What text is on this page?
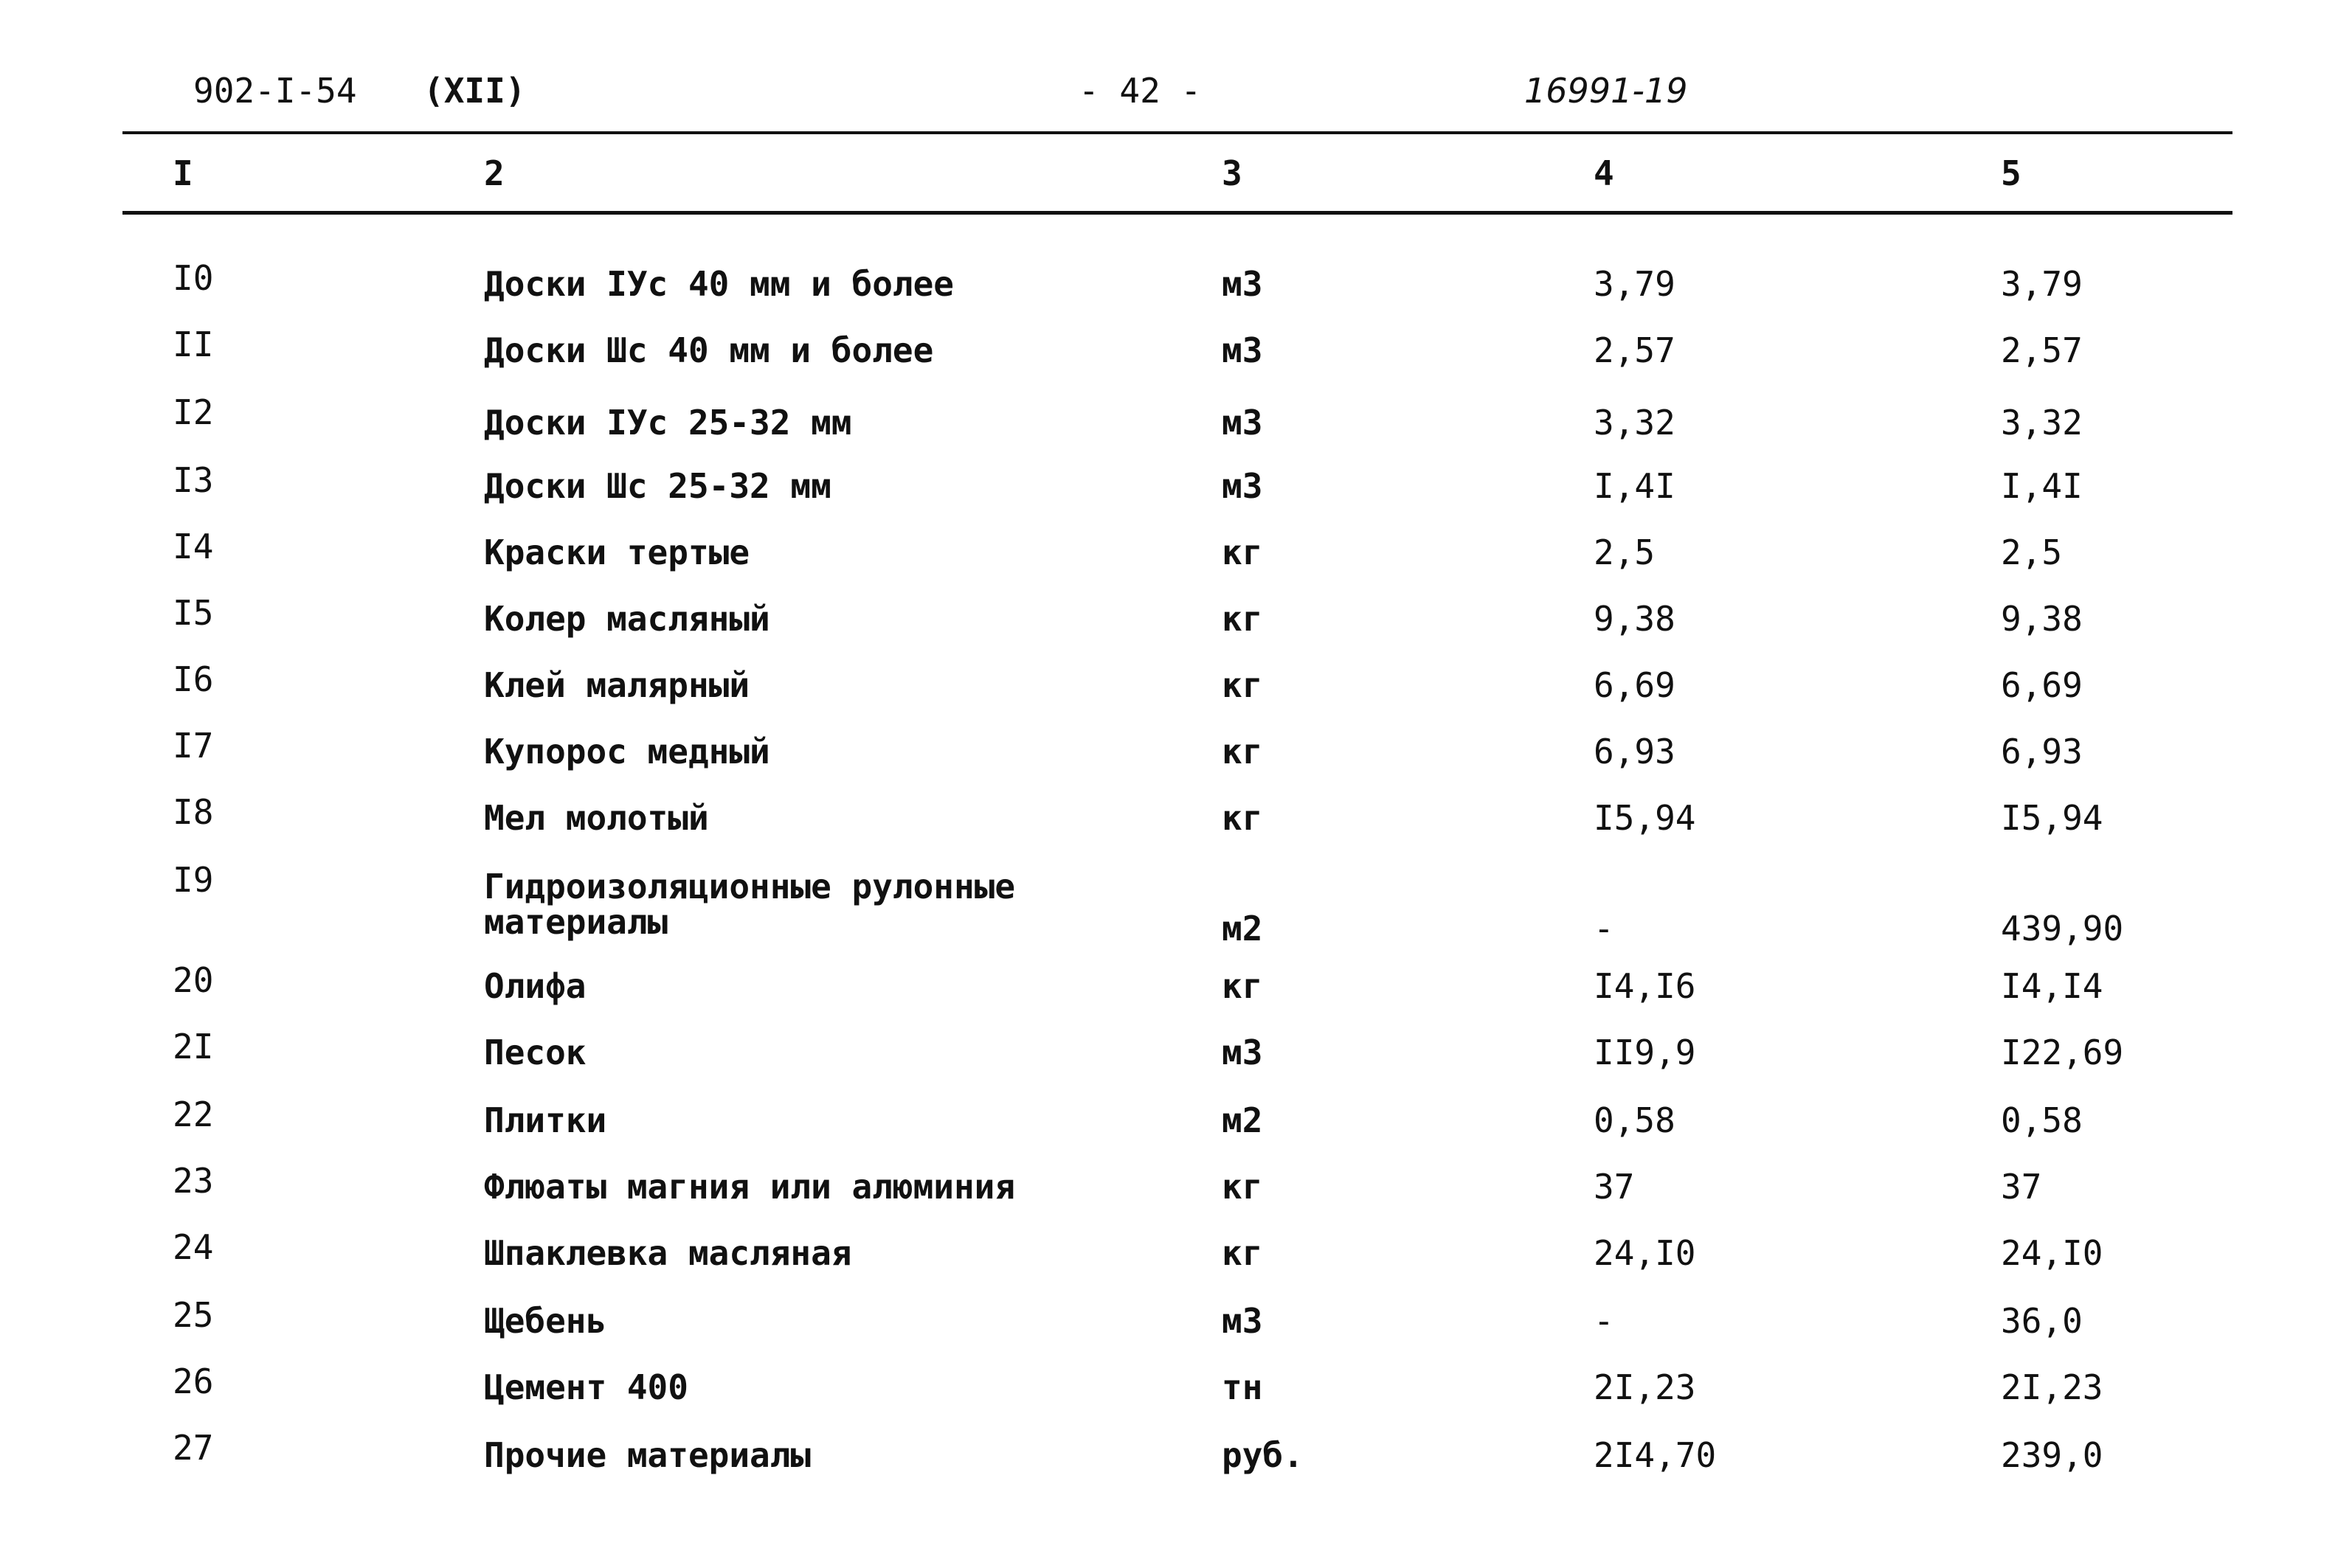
902-I-54 (XII)	- 42 -	16991-19
I	2	3	4	5
I0	Доски IУс 40 мм и более	м3	3,79	3,79
II	Доски Шс 40 мм и более	м3	2,57	2,57
I2	Доски IУс 25-32 мм	м3	3,32	3,32
I3	Доски Шс 25-32 мм	м3	I,4I	I,4I
I4	Краски тертые	кг	2,5	2,5
I5	Колер масляный	кг	9,38	9,38
I6	Клей малярный	кг	6,69	6,69
I7	Купорос медный	кг	6,93	6,93
I8	Мел молотый	кг	I5,94	I5,94
I9	Гидроизоляционные рулонные материалы	м2	-	439,90
20	Олифа	кг	I4,I6	I4,I4
2I	Песок	м3	II9,9	I22,69
22	Плитки	м2	0,58	0,58
23	Флюаты магния или алюминия	кг	37	37
24	Шпаклевка масляная	кг	24,I0	24,I0
25	Щебень	м3	-	36,0
26	Цемент 400	тн	2I,23	2I,23
27	Прочие материалы	руб.	2I4,70	239,0
